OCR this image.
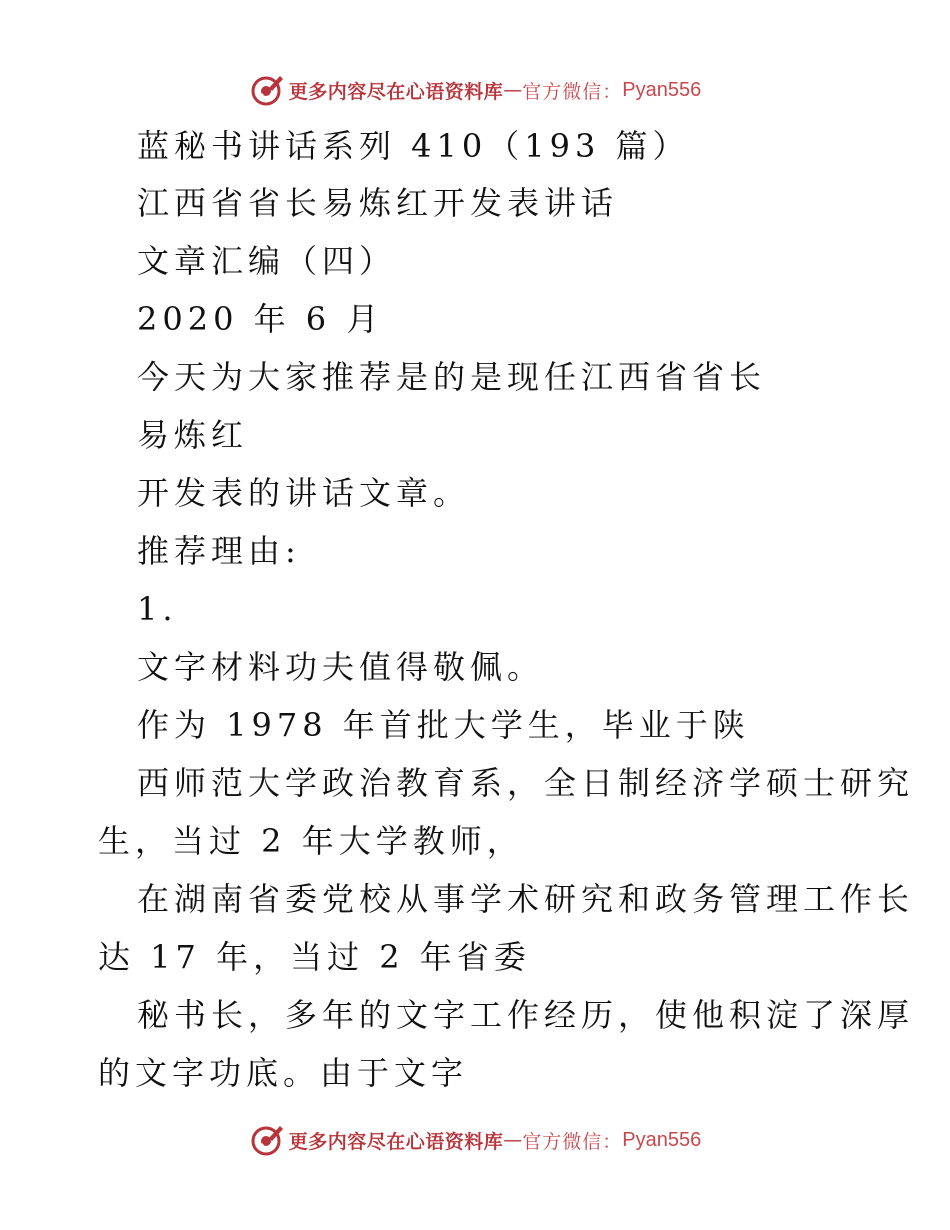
更多内容尽在心语资料库 — 官方微信： Pyan556
蓝秘书讲话系列 410（193 篇）
江西省省长易炼红开发表讲话
文章汇编（四）
2020 年 6 月
今天为大家推荐是的是现任江西省省长
易炼红
开发表的讲话文章。
推荐理由:
1.
文字材料功夫值得敬佩。
作为 1978 年首批大学生，毕业于陕
西师范大学政治教育系，全日制经济学硕士研究
生，当过 2 年大学教师，
在湖南省委党校从事学术研究和政务管理工作长
达 17 年，当过 2 年省委
秘书长，多年的文字工作经历，使他积淀了深厚
的文字功底。由于文字
更多内容尽在心语资料库 — 官方微信： Pyan556
